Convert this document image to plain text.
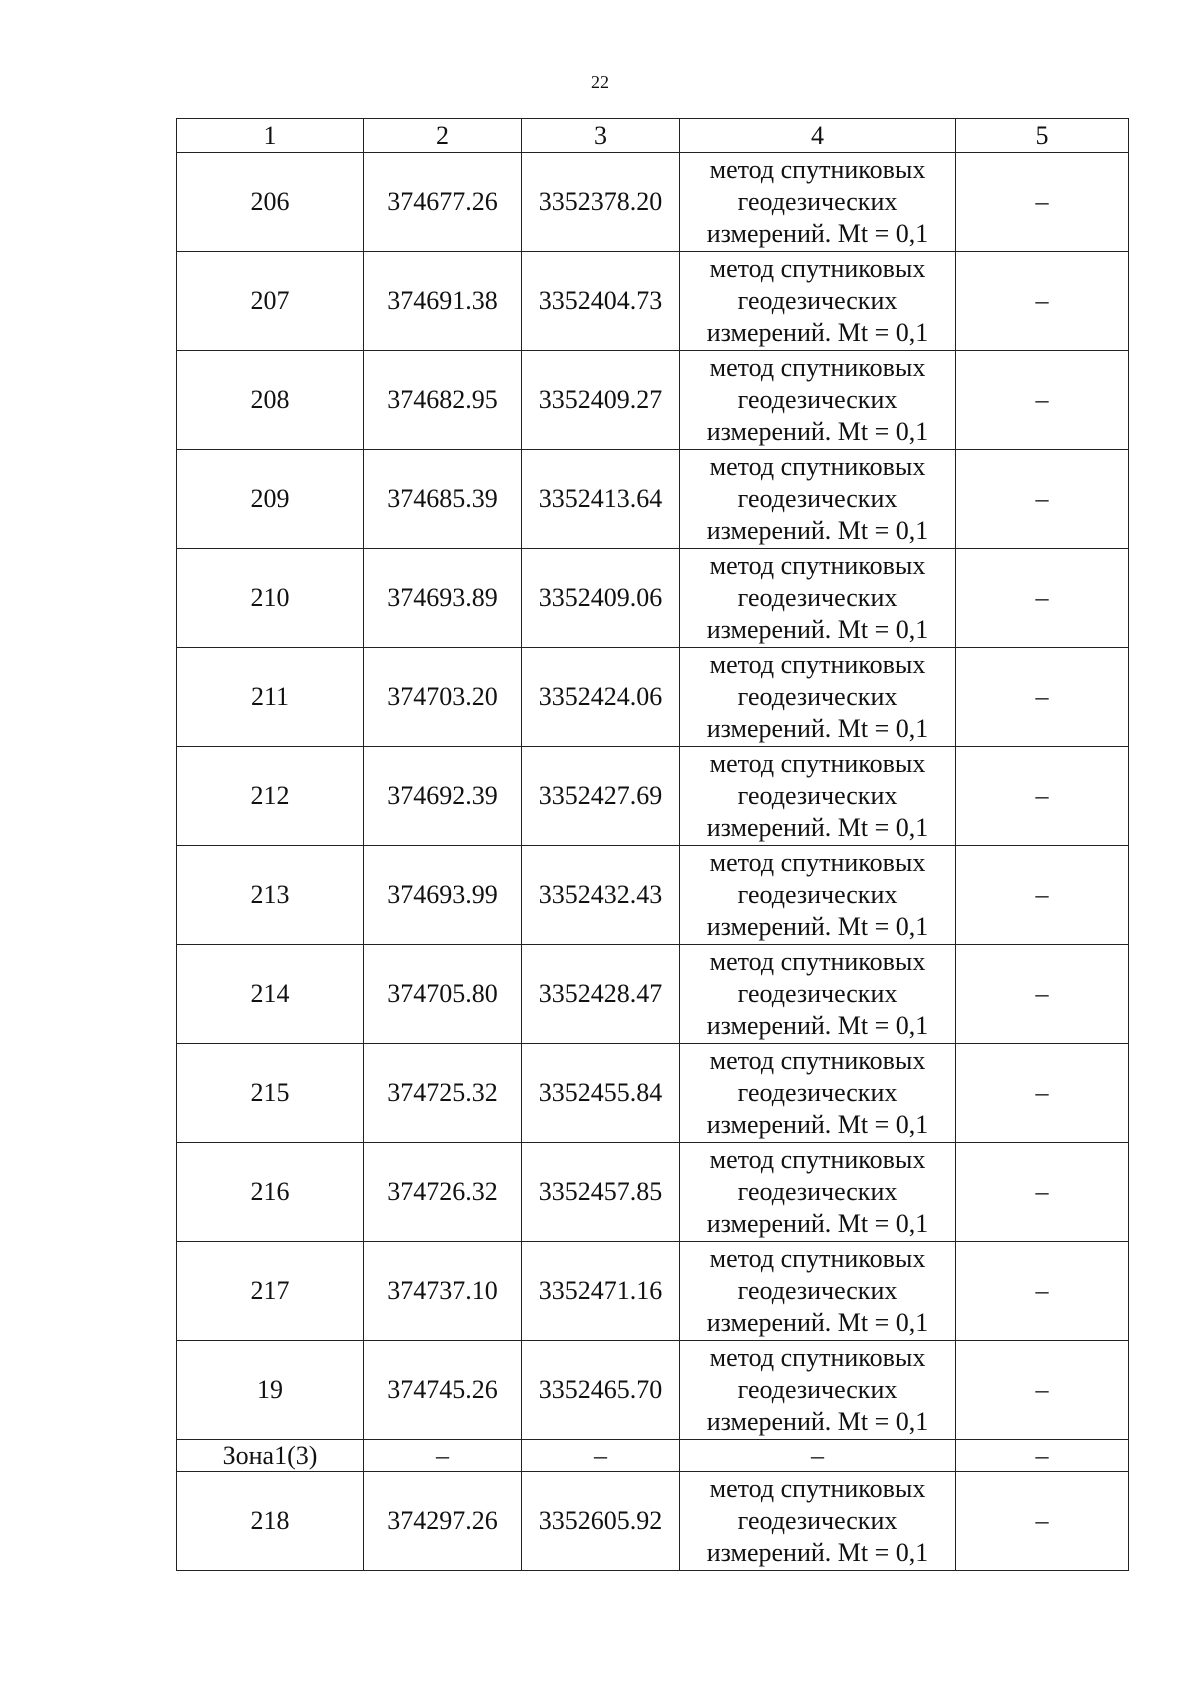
22
1	2	3	4	5
206	374677.26	3352378.20	метод спутниковых
геодезических
измерений. Mt = 0,1	–
207	374691.38	3352404.73	метод спутниковых
геодезических
измерений. Mt = 0,1	–
208	374682.95	3352409.27	метод спутниковых
геодезических
измерений. Mt = 0,1	–
209	374685.39	3352413.64	метод спутниковых
геодезических
измерений. Mt = 0,1	–
210	374693.89	3352409.06	метод спутниковых
геодезических
измерений. Mt = 0,1	–
211	374703.20	3352424.06	метод спутниковых
геодезических
измерений. Mt = 0,1	–
212	374692.39	3352427.69	метод спутниковых
геодезических
измерений. Mt = 0,1	–
213	374693.99	3352432.43	метод спутниковых
геодезических
измерений. Mt = 0,1	–
214	374705.80	3352428.47	метод спутниковых
геодезических
измерений. Mt = 0,1	–
215	374725.32	3352455.84	метод спутниковых
геодезических
измерений. Mt = 0,1	–
216	374726.32	3352457.85	метод спутниковых
геодезических
измерений. Mt = 0,1	–
217	374737.10	3352471.16	метод спутниковых
геодезических
измерений. Mt = 0,1	–
19	374745.26	3352465.70	метод спутниковых
геодезических
измерений. Mt = 0,1	–
Зона1(3)	–	–	–	–
218	374297.26	3352605.92	метод спутниковых
геодезических
измерений. Mt = 0,1	–
